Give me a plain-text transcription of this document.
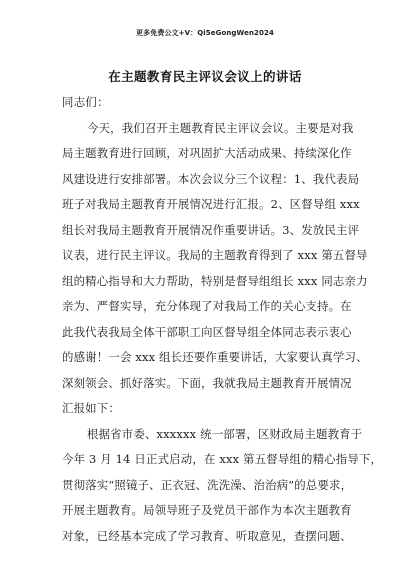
更多免费公文+V：Qi5eGongWen2024
在主题教育民主评议会议上的讲话
同志们：
今天，我们召开主题教育民主评议会议。主要是对我
局主题教育进行回顾，对巩固扩大活动成果、持续深化作
风建设进行安排部署。本次会议分三个议程：1、我代表局
班子对我局主题教育开展情况进行汇报。2、区督导组 xxx
组长对我局主题教育开展情况作重要讲话。3、发放民主评
议表，进行民主评议。我局的主题教育得到了 xxx 第五督导
组的精心指导和大力帮助，特别是督导组组长 xxx 同志亲力
亲为、严督实导，充分体现了对我局工作的关心支持。在
此我代表我局全体干部职工向区督导组全体同志表示衷心
的感谢！一会 xxx 组长还要作重要讲话，大家要认真学习、
深刻领会、抓好落实。下面，我就我局主题教育开展情况
汇报如下：
根据省市委、xxxxxx 统一部署，区财政局主题教育于
今年 3 月 14 日正式启动，在 xxx 第五督导组的精心指导下，
贯彻落实“照镜子、正衣冠、洗洗澡、治治病”的总要求，
开展主题教育。局领导班子及党员干部作为本次主题教育
对象，已经基本完成了学习教育、听取意见，查摆问题、
